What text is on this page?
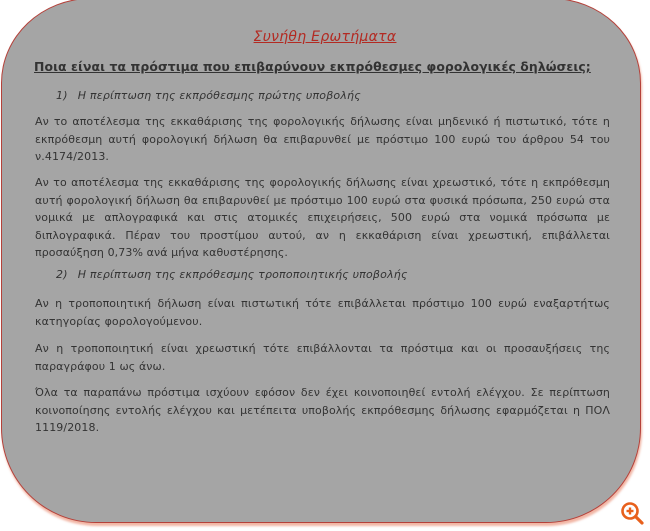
Συνήθη Ερωτήματα
Ποια είναι τα πρόστιμα που επιβαρύνουν εκπρόθεσμες φορολογικές δηλώσεις;
1) Η περίπτωση της εκπρόθεσμης πρώτης υποβολής
Αν το αποτέλεσμα της εκκαθάρισης της φορολογικής δήλωσης είναι μηδενικό ή πιστωτικό, τότε η εκπρόθεσμη αυτή φορολογική δήλωση θα επιβαρυνθεί με πρόστιμο 100 ευρώ του άρθρου 54 του ν.4174/2013.
Αν το αποτέλεσμα της εκκαθάρισης της φορολογικής δήλωσης είναι χρεωστικό, τότε η εκπρόθεσμη αυτή φορολογική δήλωση θα επιβαρυνθεί με πρόστιμο 100 ευρώ στα φυσικά πρόσωπα, 250 ευρώ στα νομικά με απλογραφικά και στις ατομικές επιχειρήσεις, 500 ευρώ στα νομικά πρόσωπα με διπλογραφικά. Πέραν του προστίμου αυτού, αν η εκκαθάριση είναι χρεωστική, επιβάλλεται προσαύξηση 0,73% ανά μήνα καθυστέρησης.
2) Η περίπτωση της εκπρόθεσμης τροποποιητικής υποβολής
Αν η τροποποιητική δήλωση είναι πιστωτική τότε επιβάλλεται πρόστιμο 100 ευρώ εναξαρτήτως κατηγορίας φορολογούμενου.
Αν η τροποποιητική είναι χρεωστική τότε επιβάλλονται τα πρόστιμα και οι προσαυξήσεις της παραγράφου 1 ως άνω.
Όλα τα παραπάνω πρόστιμα ισχύουν εφόσον δεν έχει κοινοποιηθεί εντολή ελέγχου. Σε περίπτωση κοινοποίησης εντολής ελέγχου και μετέπειτα υποβολής εκπρόθεσμης δήλωσης εφαρμόζεται η ΠΟΛ 1119/2018.
